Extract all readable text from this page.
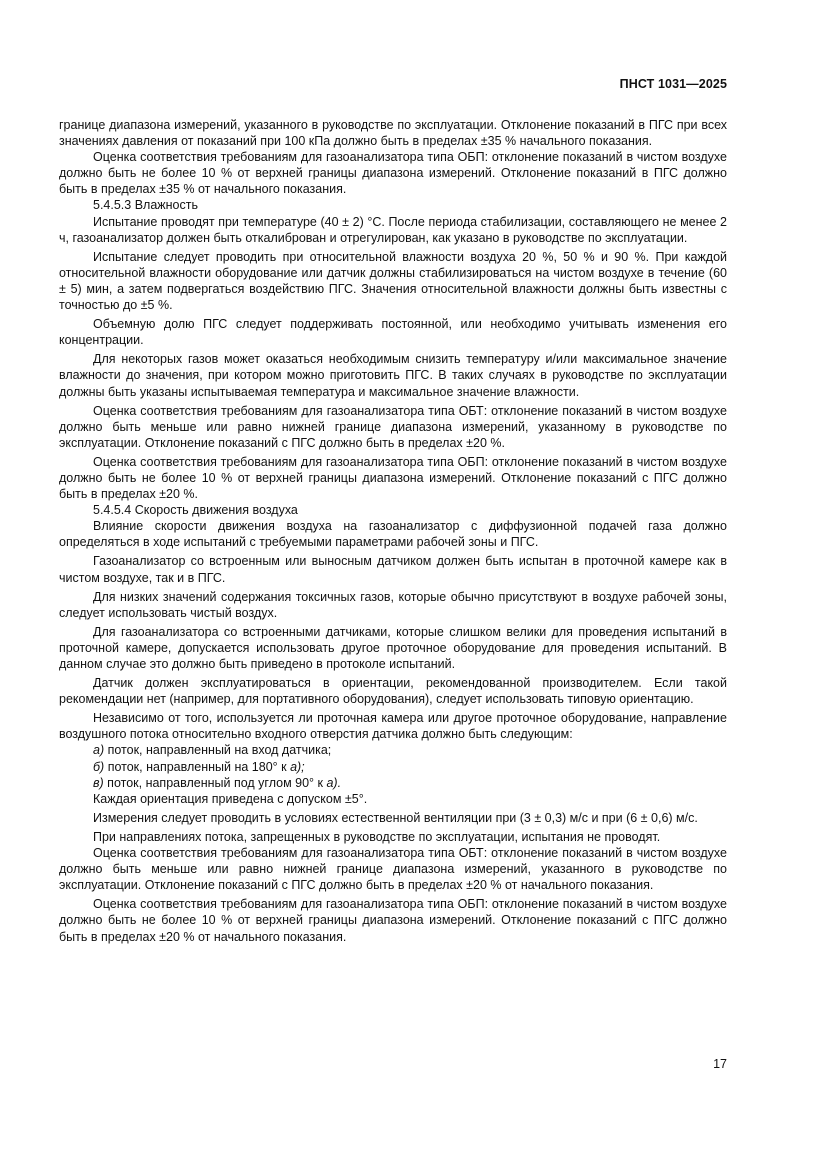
ПНСТ 1031—2025

границе диапазона измерений, указанного в руководстве по эксплуатации. Отклонение показаний в ПГС при всех значениях давления от показаний при 100 кПа должно быть в пределах ±35 % начального показания.

Оценка соответствия требованиям для газоанализатора типа ОБП: отклонение показаний в чистом воздухе должно быть не более 10 % от верхней границы диапазона измерений. Отклонение показаний в ПГС должно быть в пределах ±35 % от начального показания.

5.4.5.3 Влажность

Испытание проводят при температуре (40 ± 2) °С. После периода стабилизации, составляющего не менее 2 ч, газоанализатор должен быть откалиброван и отрегулирован, как указано в руководстве по эксплуатации.

Испытание следует проводить при относительной влажности воздуха 20 %, 50 % и 90 %. При каждой относительной влажности оборудование или датчик должны стабилизироваться на чистом воздухе в течение (60 ± 5) мин, а затем подвергаться воздействию ПГС. Значения относительной влажности должны быть известны с точностью до ±5 %.

Объемную долю ПГС следует поддерживать постоянной, или необходимо учитывать изменения его концентрации.

Для некоторых газов может оказаться необходимым снизить температуру и/или максимальное значение влажности до значения, при котором можно приготовить ПГС. В таких случаях в руководстве по эксплуатации должны быть указаны испытываемая температура и максимальное значение влажности.

Оценка соответствия требованиям для газоанализатора типа ОБТ: отклонение показаний в чистом воздухе должно быть меньше или равно нижней границе диапазона измерений, указанному в руководстве по эксплуатации. Отклонение показаний с ПГС должно быть в пределах ±20 %.

Оценка соответствия требованиям для газоанализатора типа ОБП: отклонение показаний в чистом воздухе должно быть не более 10 % от верхней границы диапазона измерений. Отклонение показаний с ПГС должно быть в пределах ±20 %.

5.4.5.4 Скорость движения воздуха

Влияние скорости движения воздуха на газоанализатор с диффузионной подачей газа должно определяться в ходе испытаний с требуемыми параметрами рабочей зоны и ПГС.

Газоанализатор со встроенным или выносным датчиком должен быть испытан в проточной камере как в чистом воздухе, так и в ПГС.

Для низких значений содержания токсичных газов, которые обычно присутствуют в воздухе рабочей зоны, следует использовать чистый воздух.

Для газоанализатора со встроенными датчиками, которые слишком велики для проведения испытаний в проточной камере, допускается использовать другое проточное оборудование для проведения испытаний. В данном случае это должно быть приведено в протоколе испытаний.

Датчик должен эксплуатироваться в ориентации, рекомендованной производителем. Если такой рекомендации нет (например, для портативного оборудования), следует использовать типовую ориентацию.

Независимо от того, используется ли проточная камера или другое проточное оборудование, направление воздушного потока относительно входного отверстия датчика должно быть следующим:

а) поток, направленный на вход датчика;

б) поток, направленный на 180° к а);

в) поток, направленный под углом 90° к а).

Каждая ориентация приведена с допуском ±5°.

Измерения следует проводить в условиях естественной вентиляции при (3 ± 0,3) м/с и при (6 ± 0,6) м/с.

При направлениях потока, запрещенных в руководстве по эксплуатации, испытания не проводят.

Оценка соответствия требованиям для газоанализатора типа ОБТ: отклонение показаний в чистом воздухе должно быть меньше или равно нижней границе диапазона измерений, указанного в руководстве по эксплуатации. Отклонение показаний с ПГС должно быть в пределах ±20 % от начального показания.

Оценка соответствия требованиям для газоанализатора типа ОБП: отклонение показаний в чистом воздухе должно быть не более 10 % от верхней границы диапазона измерений. Отклонение показаний с ПГС должно быть в пределах ±20 % от начального показания.

17
